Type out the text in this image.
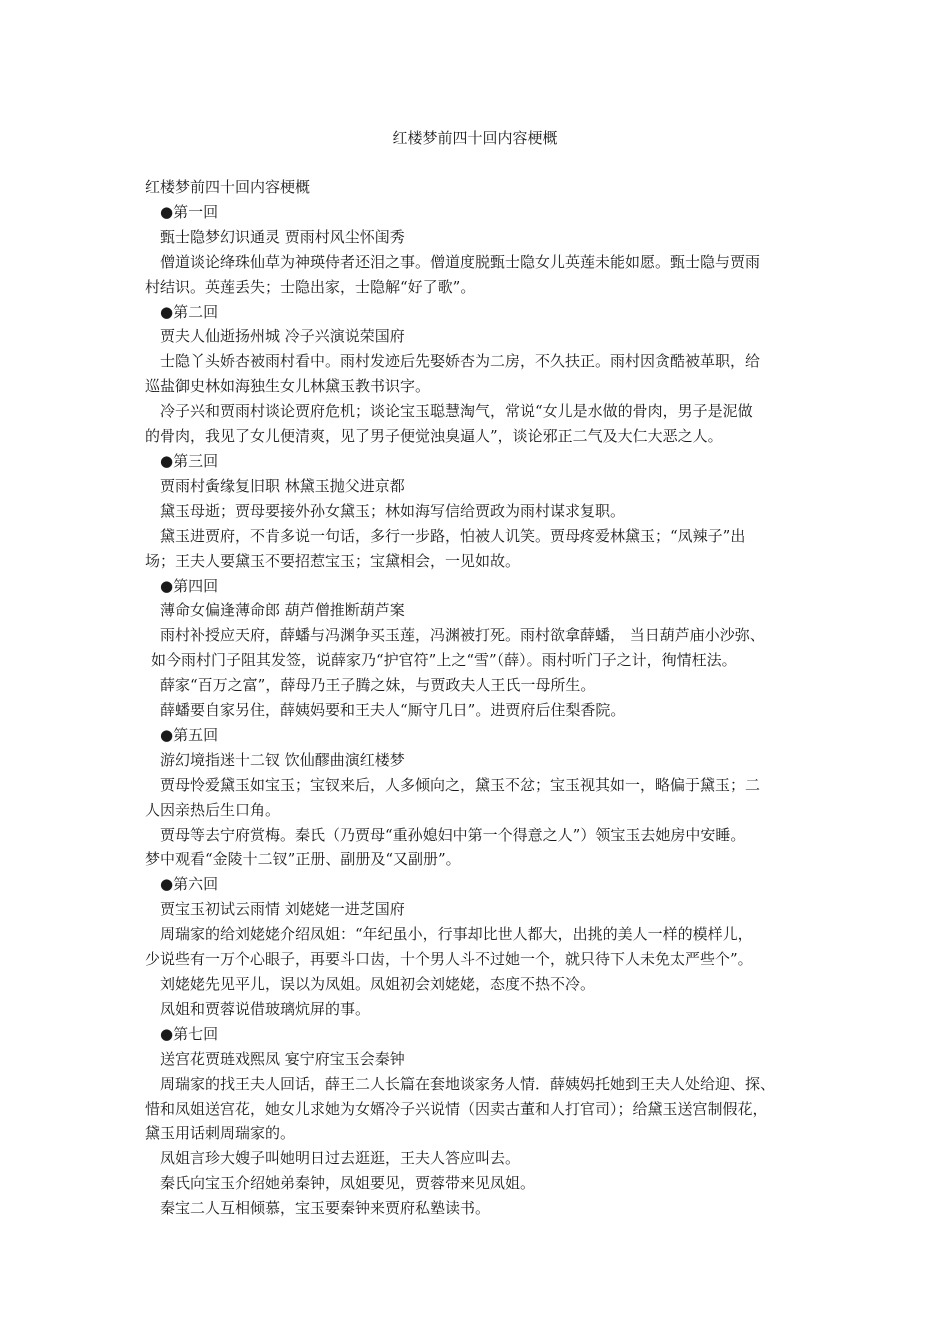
红楼梦前四十回内容梗概

红楼梦前四十回内容梗概

● 第一回

甄士隐梦幻识通灵 贾雨村风尘怀闺秀

僧道谈论绛珠仙草为神瑛侍者还泪之事。僧道度脱甄士隐女儿英莲未能如愿。甄士隐与贾雨

村结识。英莲丢失；士隐出家，士隐解“好了歌”。

● 第二回

贾夫人仙逝扬州城 冷子兴演说荣国府

士隐丫头娇杏被雨村看中。雨村发迹后先娶娇杏为二房，不久扶正。雨村因贪酷被革职，给

巡盐御史林如海独生女儿林黛玉教书识字。

冷子兴和贾雨村谈论贾府危机；谈论宝玉聪慧淘气，常说“女儿是水做的骨肉，男子是泥做

的骨肉，我见了女儿便清爽，见了男子便觉浊臭逼人”，谈论邪正二气及大仁大恶之人。

● 第三回

贾雨村夤缘复旧职 林黛玉抛父进京都

黛玉母逝；贾母要接外孙女黛玉；林如海写信给贾政为雨村谋求复职。

黛玉进贾府，不肯多说一句话，多行一步路，怕被人讥笑。贾母疼爱林黛玉；“凤辣子”出

场；王夫人要黛玉不要招惹宝玉；宝黛相会，一见如故。

● 第四回

薄命女偏逢薄命郎 葫芦僧推断葫芦案

雨村补授应天府，薛蟠与冯渊争买玉莲，冯渊被打死。雨村欲拿薛蟠， 当日葫芦庙小沙弥、

如今雨村门子阻其发签，说薛家乃“护官符”上之“雪”（薛）。雨村听门子之计，徇情枉法。

薛家“百万之富”，薛母乃王子腾之妹，与贾政夫人王氏一母所生。

薛蟠要自家另住，薛姨妈要和王夫人“厮守几日”。进贾府后住梨香院。

● 第五回

游幻境指迷十二钗 饮仙醪曲演红楼梦

贾母怜爱黛玉如宝玉；宝钗来后，人多倾向之，黛玉不忿；宝玉视其如一，略偏于黛玉；二

人因亲热后生口角。

贾母等去宁府赏梅。秦氏（乃贾母“重孙媳妇中第一个得意之人”）领宝玉去她房中安睡。

梦中观看“金陵十二钗”正册、副册及“又副册”。

● 第六回

贾宝玉初试云雨情 刘姥姥一进芝国府

周瑞家的给刘姥姥介绍凤姐：“年纪虽小，行事却比世人都大，出挑的美人一样的模样儿，

少说些有一万个心眼子，再要斗口齿，十个男人斗不过她一个，就只待下人未免太严些个”。

刘姥姥先见平儿，误以为凤姐。凤姐初会刘姥姥，态度不热不冷。

凤姐和贾蓉说借玻璃炕屏的事。

● 第七回

送宫花贾琏戏熙凤 宴宁府宝玉会秦钟

周瑞家的找王夫人回话，薛王二人长篇在套地谈家务人情．薛姨妈托她到王夫人处给迎、探、

惜和凤姐送宫花，她女儿求她为女婿冷子兴说情（因卖古董和人打官司）；给黛玉送宫制假花，

黛玉用话刺周瑞家的。

凤姐言珍大嫂子叫她明日过去逛逛，王夫人答应叫去。

秦氏向宝玉介绍她弟秦钟，凤姐要见，贾蓉带来见凤姐。

秦宝二人互相倾慕，宝玉要秦钟来贾府私塾读书。
